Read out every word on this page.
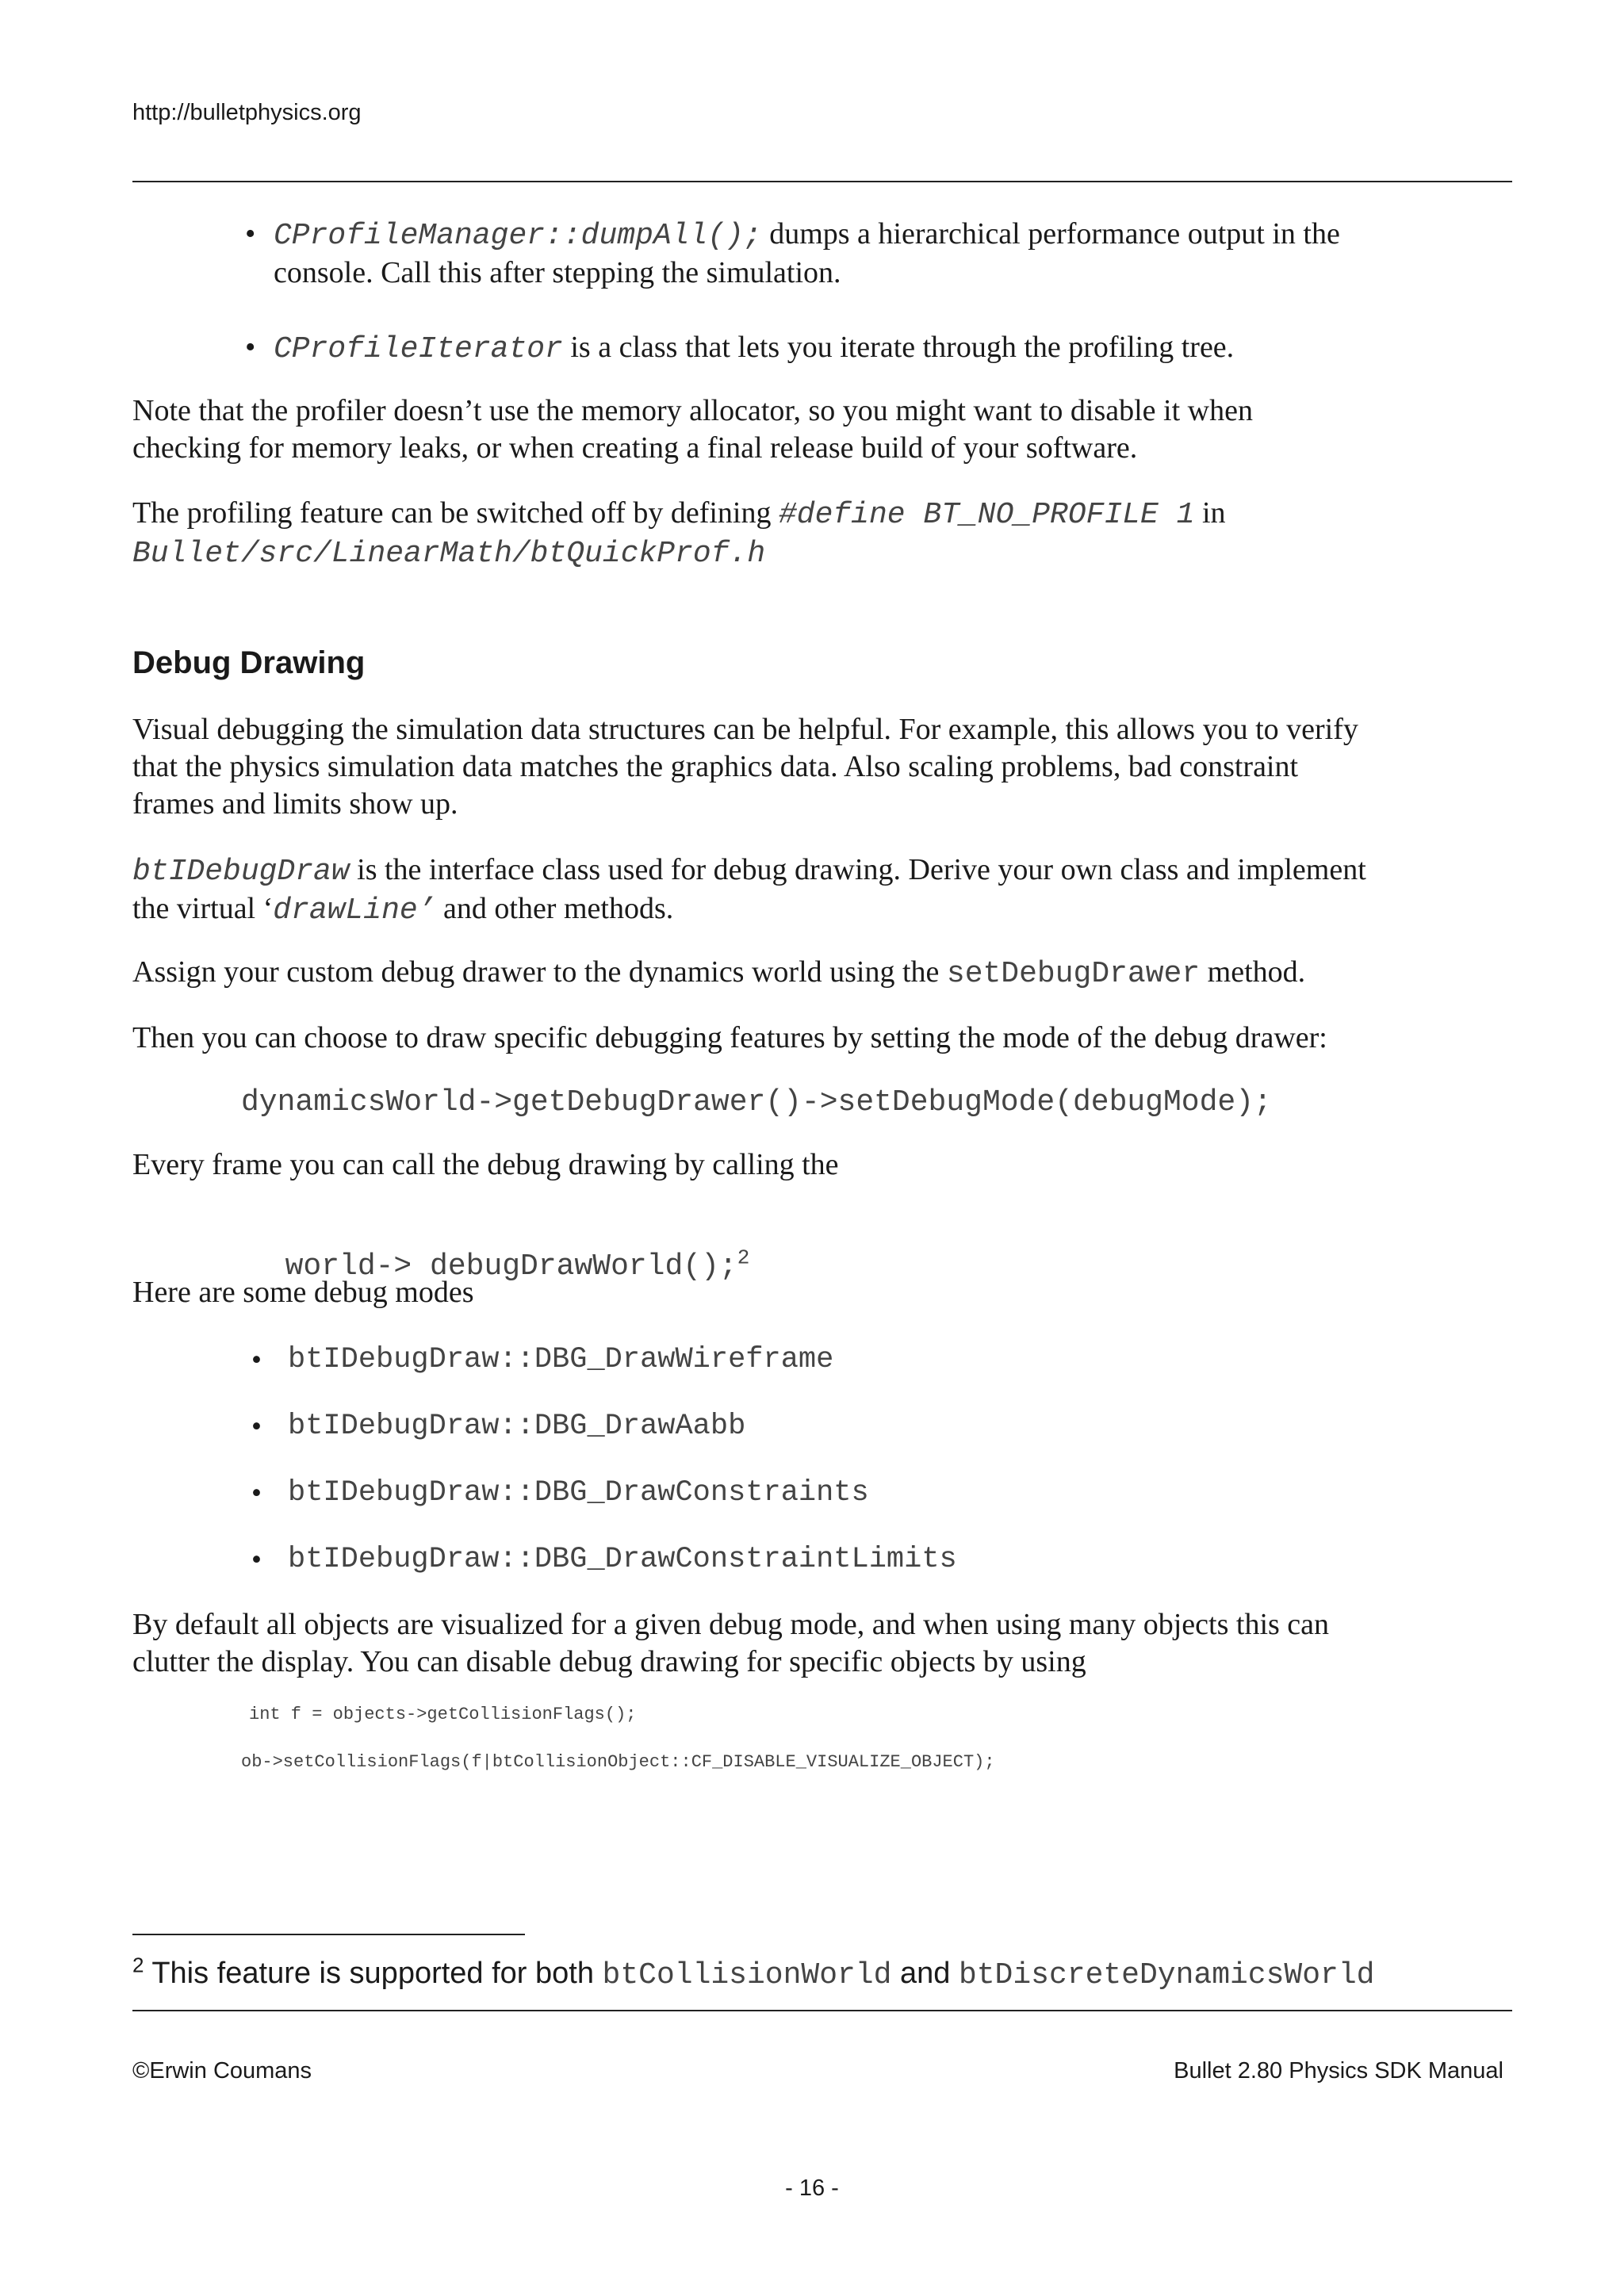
http://bulletphysics.org
• CProfileManager::dumpAll(); dumps a hierarchical performance output in the
console. Call this after stepping the simulation.
• CProfileIterator is a class that lets you iterate through the profiling tree.

Note that the profiler doesn’t use the memory allocator, so you might want to disable it when
checking for memory leaks, or when creating a final release build of your software.

The profiling feature can be switched off by defining #define BT_NO_PROFILE 1 in
Bullet/src/LinearMath/btQuickProf.h

Debug Drawing

Visual debugging the simulation data structures can be helpful. For example, this allows you to verify
that the physics simulation data matches the graphics data. Also scaling problems, bad constraint
frames and limits show up.

btIDebugDraw is the interface class used for debug drawing. Derive your own class and implement
the virtual ‘drawLine’ and other methods.

Assign your custom debug drawer to the dynamics world using the setDebugDrawer method.

Then you can choose to draw specific debugging features by setting the mode of the debug drawer:

dynamicsWorld->getDebugDrawer()->setDebugMode(debugMode);

Every frame you can call the debug drawing by calling the

world-> debugDrawWorld();$^2$

Here are some debug modes

• btIDebugDraw::DBG_DrawWireframe
• btIDebugDraw::DBG_DrawAabb
• btIDebugDraw::DBG_DrawConstraints
• btIDebugDraw::DBG_DrawConstraintLimits

By default all objects are visualized for a given debug mode, and when using many objects this can
clutter the display. You can disable debug drawing for specific objects by using

int f = objects->getCollisionFlags();
ob->setCollisionFlags(f|btCollisionObject::CF_DISABLE_VISUALIZE_OBJECT);
$^2$ This feature is supported for both btCollisionWorld and btDiscreteDynamicsWorld
©Erwin Coumans	Bullet 2.80 Physics SDK Manual
- 16 -
